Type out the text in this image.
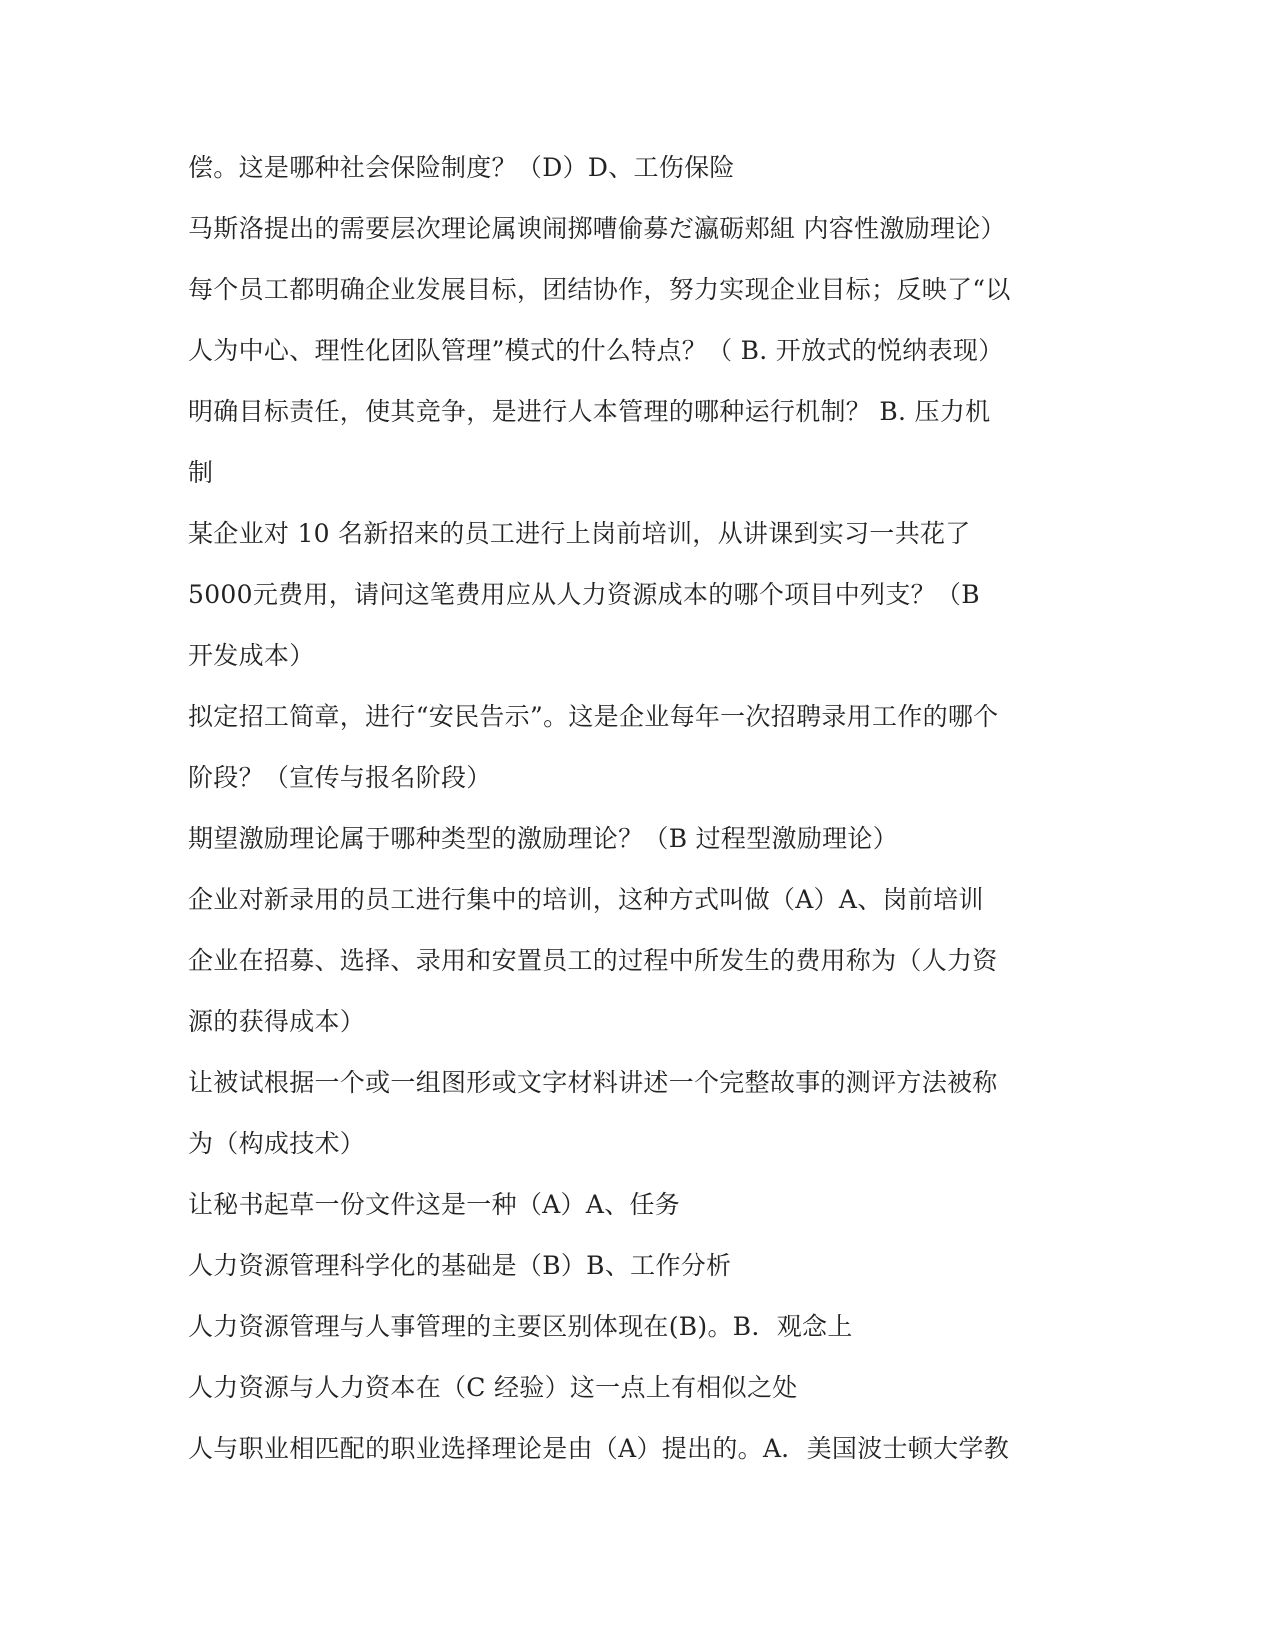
偿。这是哪种社会保险制度？（D）D、工伤保险
马斯洛提出的需要层次理论属谀闹掷嘈偷募だ瀛砺郏組 内容性激励理论）
每个员工都明确企业发展目标，团结协作，努力实现企业目标；反映了“以
人为中心、理性化团队管理”模式的什么特点？（ B. 开放式的悦纳表现）
明确目标责任，使其竞争，是进行人本管理的哪种运行机制？ B. 压力机
制
某企业对 10 名新招来的员工进行上岗前培训，从讲课到实习一共花了
5000元费用，请问这笔费用应从人力资源成本的哪个项目中列支？（B
开发成本）
拟定招工简章，进行“安民告示”。这是企业每年一次招聘录用工作的哪个
阶段？（宣传与报名阶段）
期望激励理论属于哪种类型的激励理论？（B 过程型激励理论）
企业对新录用的员工进行集中的培训，这种方式叫做（A）A、岗前培训
企业在招募、选择、录用和安置员工的过程中所发生的费用称为（人力资
源的获得成本）
让被试根据一个或一组图形或文字材料讲述一个完整故事的测评方法被称
为（构成技术）
让秘书起草一份文件这是一种（A）A、任务
人力资源管理科学化的基础是（B）B、工作分析
人力资源管理与人事管理的主要区别体现在(B)。B．观念上
人力资源与人力资本在（C 经验）这一点上有相似之处
人与职业相匹配的职业选择理论是由（A）提出的。A．美国波士顿大学教
